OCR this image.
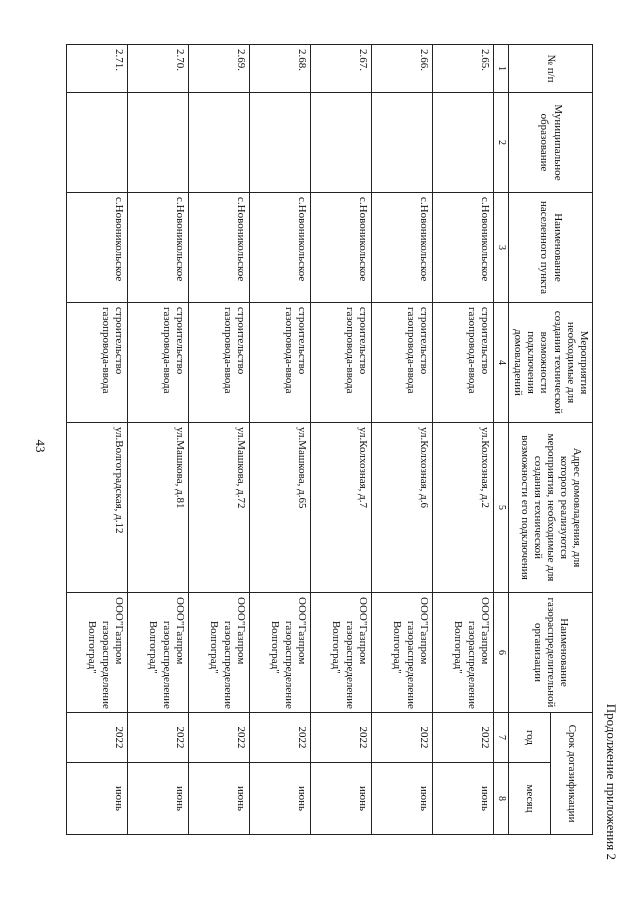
43
Продолжение приложения 2
№ п/п	Муниципальное образование	Наименование населенного пункта	Мероприятия необходимые для создания технической возможности подключения домовладений	Адрес домовладения, для которого реализуются мероприятия, необходимые для создания технической возможности его подключения	Наименование газораспределительной организации	Срок догазификации	
						год	месяц
1	2	3	4	5	6	7	8
2.65.		с.Новоникольское	строительство газопровода-ввода	ул.Колхозная, д.2	ООО
"Газпром газораспределение Волгоград"	2022	июнь
2.66.		с.Новоникольское	строительство газопровода-ввода	ул.Колхозная, д.6	ООО
"Газпром газораспределение Волгоград"	2022	июнь
2.67.		с.Новоникольское	строительство газопровода-ввода	ул.Колхозная, д.7	ООО
"Газпром газораспределение Волгоград"	2022	июнь
2.68.		с.Новоникольское	строительство газопровода-ввода	ул.Машкова, д.65	ООО
"Газпром газораспределение Волгоград"	2022	июнь
2.69.		с.Новоникольское	строительство газопровода-ввода	ул.Машкова, д.72	ООО
"Газпром газораспределение Волгоград"	2022	июнь
2.70.		с.Новоникольское	строительство газопровода-ввода	ул.Машкова, д.81	ООО
"Газпром газораспределение Волгоград"	2022	июнь
2.71.		с.Новоникольское	строительство газопровода-ввода	ул.Волгоградская, д.12	ООО
"Газпром газораспределение Волгоград"	2022	июнь
